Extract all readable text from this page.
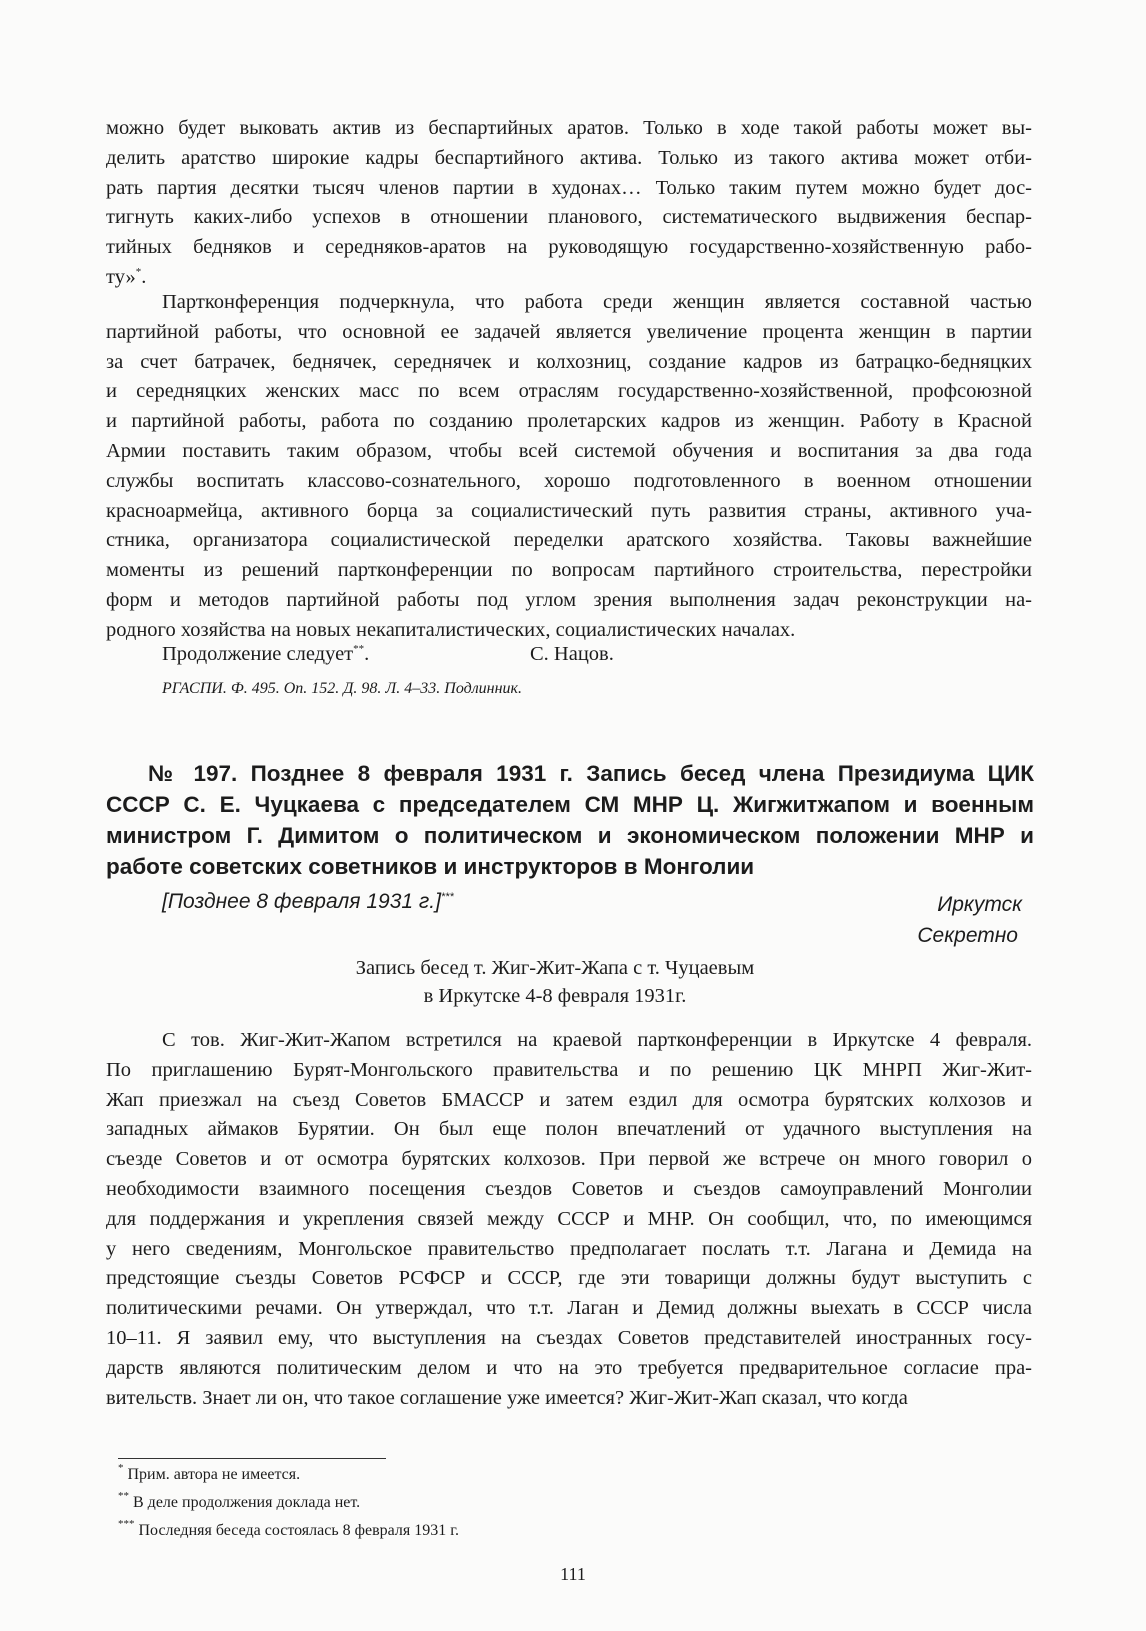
можно будет выковать актив из беспартийных аратов. Только в ходе такой работы может вы-
делить аратство широкие кадры беспартийного актива. Только из такого актива может отби-
рать партия десятки тысяч членов партии в худонах… Только таким путем можно будет дос-
тигнуть каких-либо успехов в отношении планового, систематического выдвижения беспар-
тийных бедняков и середняков-аратов на руководящую государственно-хозяйственную рабо-
ту»*.
Партконференция подчеркнула, что работа среди женщин является составной частью
партийной работы, что основной ее задачей является увеличение процента женщин в партии
за счет батрачек, беднячек, середнячек и колхозниц, создание кадров из батрацко-бедняцких
и середняцких женских масс по всем отраслям государственно-хозяйственной, профсоюзной
и партийной работы, работа по созданию пролетарских кадров из женщин. Работу в Красной
Армии поставить таким образом, чтобы всей системой обучения и воспитания за два года
службы воспитать классово-сознательного, хорошо подготовленного в военном отношении
красноармейца, активного борца за социалистический путь развития страны, активного уча-
стника, организатора социалистической переделки аратского хозяйства. Таковы важнейшие
моменты из решений партконференции по вопросам партийного строительства, перестройки
форм и методов партийной работы под углом зрения выполнения задач реконструкции на-
родного хозяйства на новых некапиталистических, социалистических началах.
Продолжение следует**.	С. Нацов.
РГАСПИ. Ф. 495. Оп. 152. Д. 98. Л. 4–33. Подлинник.
№ 197. Позднее 8 февраля 1931 г. Запись бесед члена Президиума ЦИК
СССР С. Е. Чуцкаева с председателем СМ МНР Ц. Жигжитжапом и военным
министром Г. Димитом о политическом и экономическом положении МНР и
работе советских советников и инструкторов в Монголии
[Позднее 8 февраля 1931 г.]***	Иркутск
Секретно
Запись бесед т. Жиг-Жит-Жапа с т. Чуцаевым
в Иркутске 4-8 февраля 1931г.
С тов. Жиг-Жит-Жапом встретился на краевой партконференции в Иркутске 4 февраля.
По приглашению Бурят-Монгольского правительства и по решению ЦК МНРП Жиг-Жит-
Жап приезжал на съезд Советов БМАССР и затем ездил для осмотра бурятских колхозов и
западных аймаков Бурятии. Он был еще полон впечатлений от удачного выступления на
съезде Советов и от осмотра бурятских колхозов. При первой же встрече он много говорил о
необходимости взаимного посещения съездов Советов и съездов самоуправлений Монголии
для поддержания и укрепления связей между СССР и МНР. Он сообщил, что, по имеющимся
у него сведениям, Монгольское правительство предполагает послать т.т. Лагана и Демида на
предстоящие съезды Советов РСФСР и СССР, где эти товарищи должны будут выступить с
политическими речами. Он утверждал, что т.т. Лаган и Демид должны выехать в СССР числа
10–11. Я заявил ему, что выступления на съездах Советов представителей иностранных госу-
дарств являются политическим делом и что на это требуется предварительное согласие пра-
вительств. Знает ли он, что такое соглашение уже имеется? Жиг-Жит-Жап сказал, что когда
* Прим. автора не имеется.
** В деле продолжения доклада нет.
*** Последняя беседа состоялась 8 февраля 1931 г.
111
